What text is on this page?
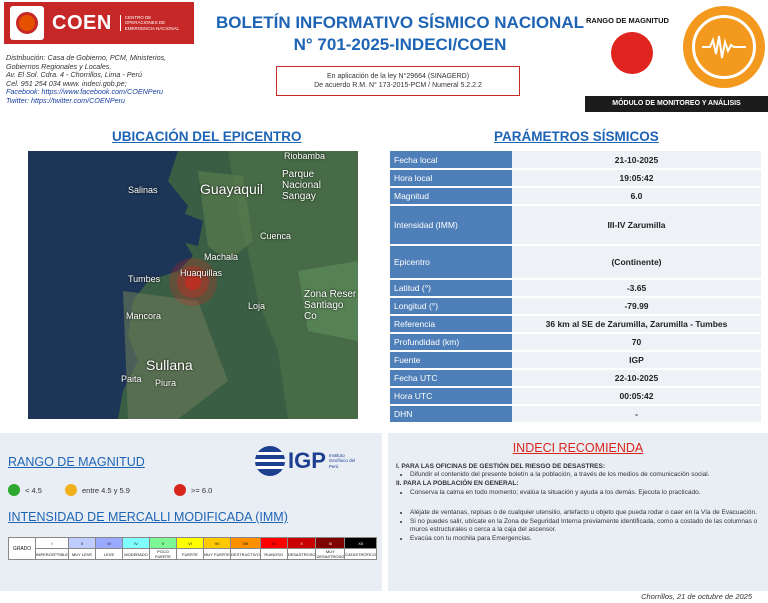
COEN	CENTRO DE OPERACIONES DE EMERGENCIA NACIONAL
Distribución: Casa de Gobierno, PCM, Ministerios,
Gobiernos Regionales y Locales.
Av. El Sol. Cdra. 4 - Chorrillos, Lima - Perú
Cel. 951 254 034 www. indeci.gob.pe;
Facebook: https://www.facebook.com/COENPeru
Twitter: https://twitter.com/COENPeru
BOLETÍN INFORMATIVO SÍSMICO NACIONAL
N° 701-2025-INDECI/COEN
En aplicación de la ley N°29664 (SINAGERD)
De acuerdo R.M. N° 173-2015-PCM / Numeral 5.2.2.2
RANGO DE MAGNITUD
MÓDULO DE MONITOREO Y ANÁLISIS
UBICACIÓN DEL EPICENTRO
Riobamba
Salinas	Guayaquil
Parque
Nacional
Sangay
Cuenca
Machala
Tumbes
Huaquillas
Loja
Zona Reser
Santiago Co
Mancora
Sullana
Piura
Paita
PARÁMETROS SÍSMICOS
Fecha local	21-10-2025
Hora local	19:05:42
Magnitud	6.0
Intensidad (IMM)	III-IV Zarumilla
Epicentro	(Continente)
Latitud (°)	-3.65
Longitud (°)	-79.99
Referencia	36 km al SE de Zarumilla, Zarumilla - Tumbes
Profundidad (km)	70
Fuente	IGP
Fecha UTC	22-10-2025
Hora UTC	00:05:42
DHN	-
RANGO DE MAGNITUD
< 4.5	entre 4.5 y 5.9	>= 6.0
IGP Instituto Geofísico del Perú
INTENSIDAD DE MERCALLI MODIFICADA (IMM)
GRADO	I	II	III	IV	V	VI	VII	VIII	IX	X	XI	XII
	IMPERCEPTIBLE	MUY LEVE	LEVE	MODERADO	POCO FUERTE	FUERTE	MUY FUERTE	DESTRUCTIVO	RUINOSO	DESASTROSO	MUY DESASTROSO	CATASTRÓFICO
INDECI RECOMIENDA
I. PARA LAS OFICINAS DE GESTIÓN DEL RIESGO DE DESASTRES:
• Difundir el contenido del presente boletín a la población, a través de los medios de comunicación social.
II. PARA LA POBLACIÓN EN GENERAL:
• Conserva la calma en todo momento; evalúa la situación y ayuda a los demás. Ejecuta lo practicado.
• Aléjate de ventanas, repisas o de cualquier utensilio, artefacto u objeto que pueda rodar o caer en la Vía de Evacuación.
• Si no puedes salir, ubícate en la Zona de Seguridad Interna previamente identificada, como a costado de las columnas o muros estructurales o cerca a la caja del ascensor.
• Evacúa con tu mochila para Emergencias.
Chorrillos, 21 de octubre de 2025
